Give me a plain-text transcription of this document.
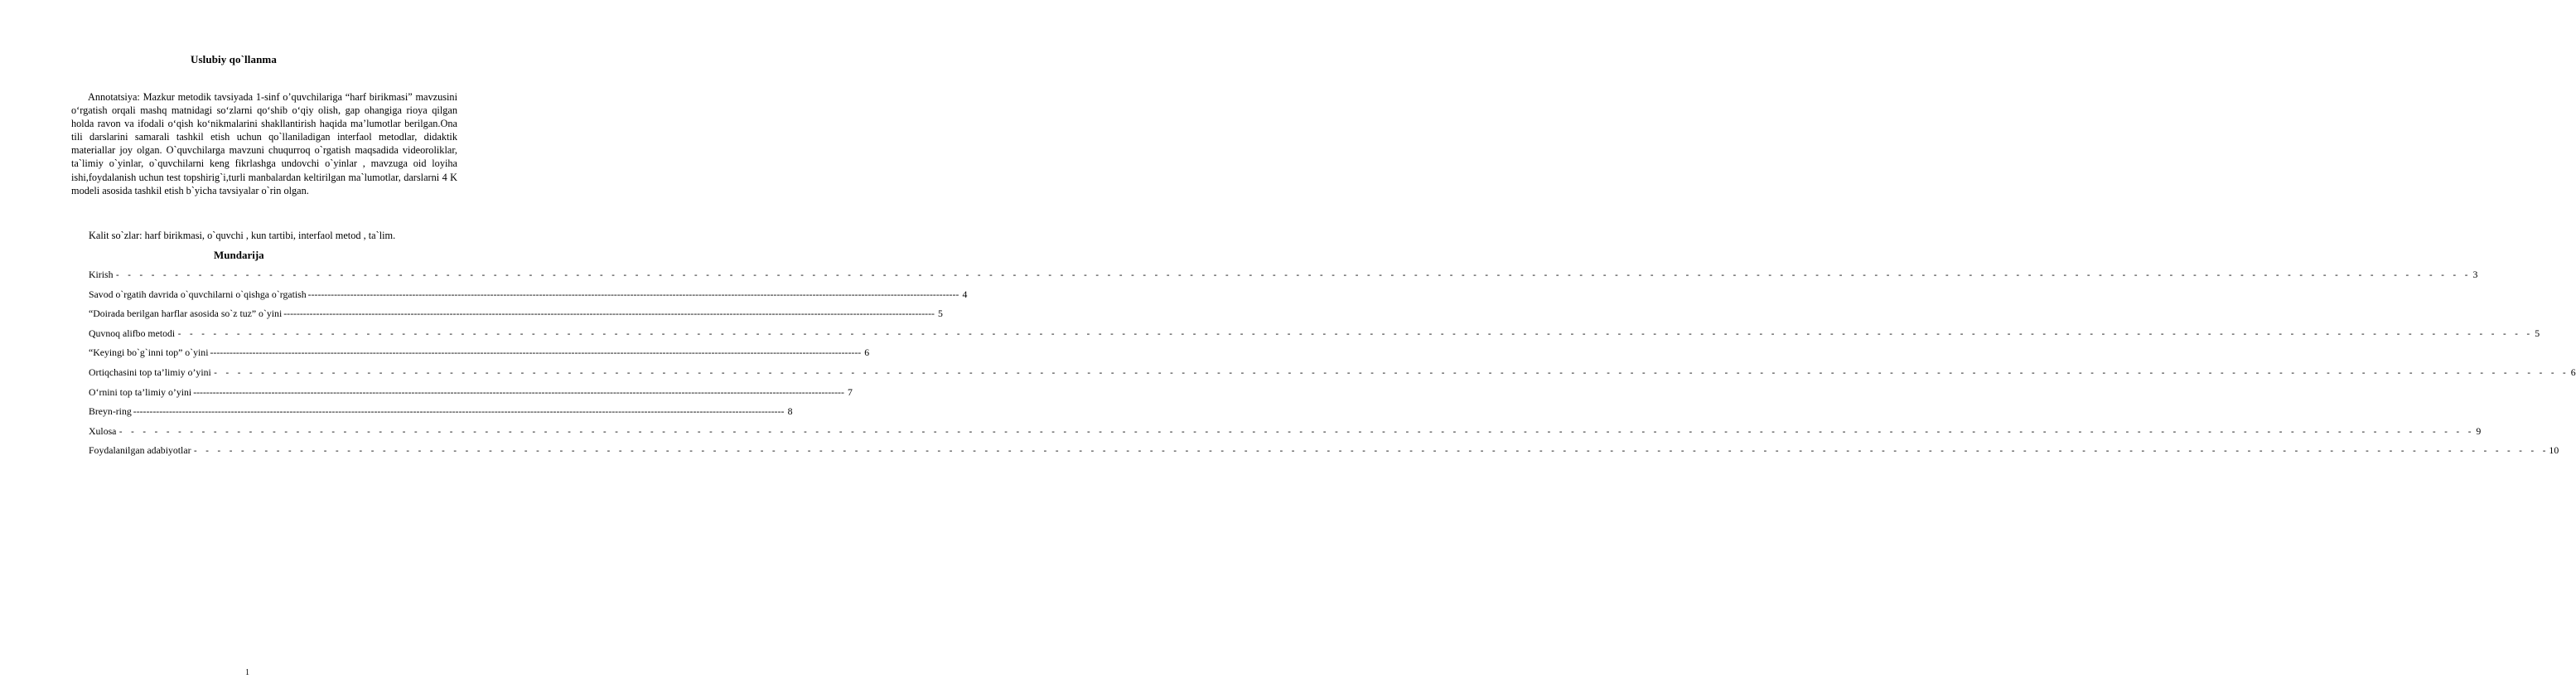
Uslubiy qo`llanma

Annotatsiya: Mazkur metodik tavsiyada 1-sinf o’quvchilariga “harf birikmasi” mavzusini o‘rgatish orqali mashq matnidagi so‘zlarni qo‘shib o‘qiy olish, gap ohangiga rioya qilgan holda ravon va ifodali o‘qish ko‘nikmalarini shakllantirish haqida ma’lumotlar berilgan.Ona tili darslarini samarali tashkil etish uchun qo`llaniladigan interfaol metodlar, didaktik materiallar joy olgan. O`quvchilarga mavzuni chuqurroq o`rgatish maqsadida videoroliklar, ta`limiy o`yinlar, o`quvchilarni keng fikrlashga undovchi o`yinlar , mavzuga oid loyiha ishi,foydalanish uchun test topshirig`i,turli manbalardan keltirilgan ma`lumotlar, darslarni 4 K modeli asosida tashkil etish b`yicha tavsiyalar o`rin olgan.

Kalit so`zlar: harf birikmasi, o`quvchi , kun tartibi, interfaol metod , ta`lim.

Mundarija
Kirish - - - - - - - - - - - - - - - - - - - - - - - - - - - - - - - - - - - - - - - - - - - - - - - - - - - - - - - - - - - - - - - - - - - - - - - - - - - - - - - - - - - - - - - - - - - - - - - - - - - - - - - - - - - - - - - - - - - - - - - - - - - - - - - - - - - - - - - - - - - - - - - - - - - - - - - - - - - - - - - - - - - - - - - - - - - - - - - - - - - - - - - - - - - - - - - - - - - - - - - - 3
Savod o`rgatih davrida o`quvchilarni o`qishga o`rgatish -------------------------------------------------------------------------------------------------------------------------------------------------------------------------------------------------------- 4
“Doirada berilgan harflar asosida so`z tuz” o`yini -------------------------------------------------------------------------------------------------------------------------------------------------------------------------------------------------------- 5
Quvnoq alifbo metodi - - - - - - - - - - - - - - - - - - - - - - - - - - - - - - - - - - - - - - - - - - - - - - - - - - - - - - - - - - - - - - - - - - - - - - - - - - - - - - - - - - - - - - - - - - - - - - - - - - - - - - - - - - - - - - - - - - - - - - - - - - - - - - - - - - - - - - - - - - - - - - - - - - - - - - - - - - - - - - - - - - - - - - - - - - - - - - - - - - - - - - - - - - - - - - - - - - - - - - - - 5
“Keyingi bo`g`inni top” o`yini -------------------------------------------------------------------------------------------------------------------------------------------------------------------------------------------------------- 6
Ortiqchasini top ta’limiy o’yini - - - - - - - - - - - - - - - - - - - - - - - - - - - - - - - - - - - - - - - - - - - - - - - - - - - - - - - - - - - - - - - - - - - - - - - - - - - - - - - - - - - - - - - - - - - - - - - - - - - - - - - - - - - - - - - - - - - - - - - - - - - - - - - - - - - - - - - - - - - - - - - - - - - - - - - - - - - - - - - - - - - - - - - - - - - - - - - - - - - - - - - - - - - - - - - - - - - - - - - - 6
O‘rnini top ta’limiy o’yini -------------------------------------------------------------------------------------------------------------------------------------------------------------------------------------------------------- 7
Breyn-ring -------------------------------------------------------------------------------------------------------------------------------------------------------------------------------------------------------- 8
Xulosa - - - - - - - - - - - - - - - - - - - - - - - - - - - - - - - - - - - - - - - - - - - - - - - - - - - - - - - - - - - - - - - - - - - - - - - - - - - - - - - - - - - - - - - - - - - - - - - - - - - - - - - - - - - - - - - - - - - - - - - - - - - - - - - - - - - - - - - - - - - - - - - - - - - - - - - - - - - - - - - - - - - - - - - - - - - - - - - - - - - - - - - - - - - - - - - - - - - - - - - - 9
Foydalanilgan adabiyotlar - - - - - - - - - - - - - - - - - - - - - - - - - - - - - - - - - - - - - - - - - - - - - - - - - - - - - - - - - - - - - - - - - - - - - - - - - - - - - - - - - - - - - - - - - - - - - - - - - - - - - - - - - - - - - - - - - - - - - - - - - - - - - - - - - - - - - - - - - - - - - - - - - - - - - - - - - - - - - - - - - - - - - - - - - - - - - - - - - - - - - - - - - - - - - - - - - - - - - - - - 10
1
